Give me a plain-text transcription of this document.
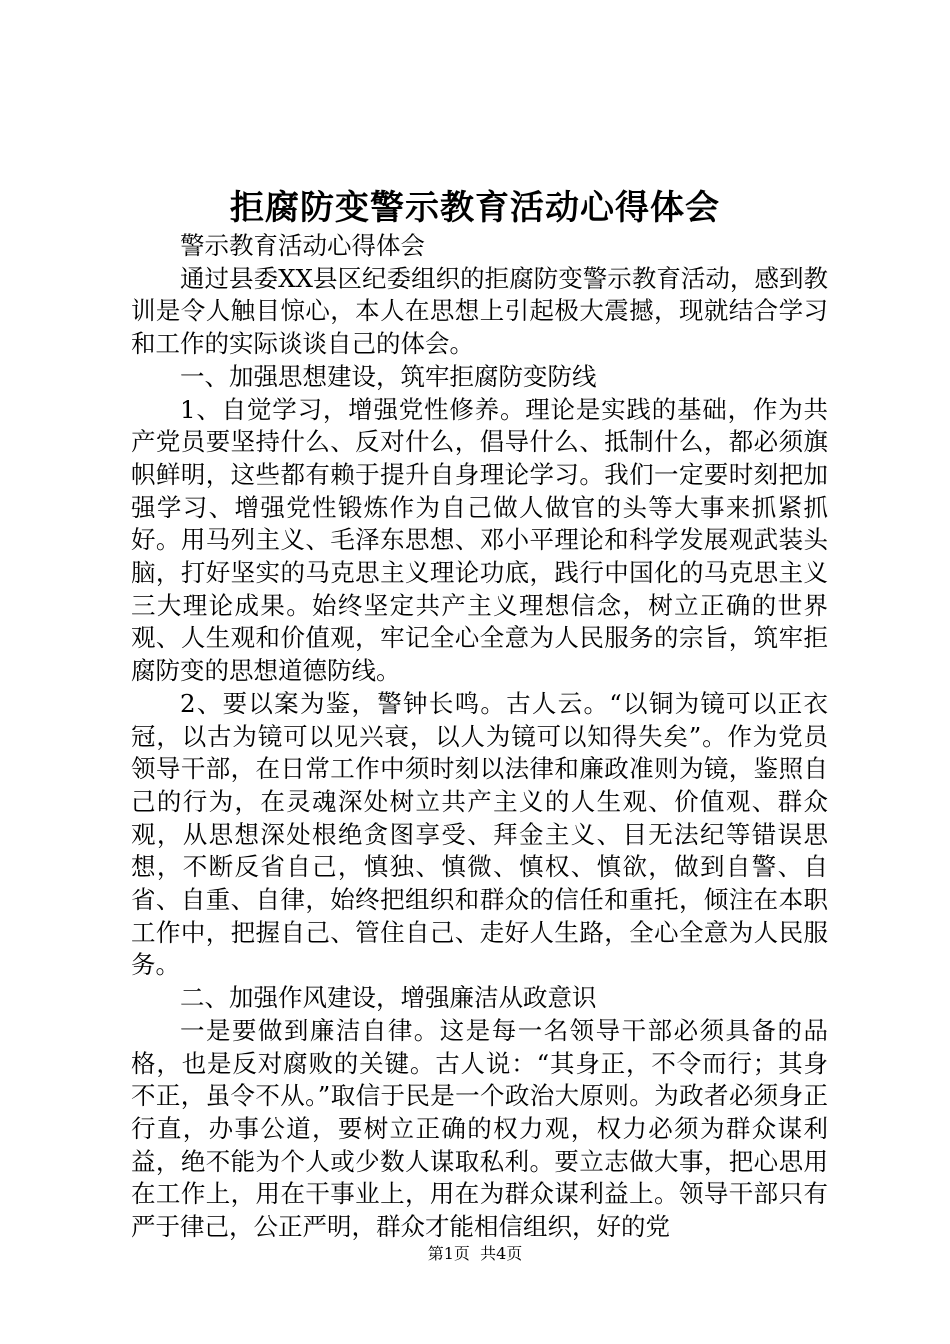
拒腐防变警示教育活动心得体会

警示教育活动心得体会

通过县委XX县区纪委组织的拒腐防变警示教育活动，感到教训是令人触目惊心，本人在思想上引起极大震撼，现就结合学习和工作的实际谈谈自己的体会。

一、加强思想建设，筑牢拒腐防变防线

1、自觉学习，增强党性修养。理论是实践的基础，作为共产党员要坚持什么、反对什么，倡导什么、抵制什么，都必须旗帜鲜明，这些都有赖于提升自身理论学习。我们一定要时刻把加强学习、增强党性锻炼作为自己做人做官的头等大事来抓紧抓好。用马列主义、毛泽东思想、邓小平理论和科学发展观武装头脑，打好坚实的马克思主义理论功底，践行中国化的马克思主义三大理论成果。始终坚定共产主义理想信念，树立正确的世界观、人生观和价值观，牢记全心全意为人民服务的宗旨，筑牢拒腐防变的思想道德防线。

2、要以案为鉴，警钟长鸣。古人云。“以铜为镜可以正衣冠，以古为镜可以见兴衰，以人为镜可以知得失矣”。作为党员领导干部，在日常工作中须时刻以法律和廉政准则为镜，鉴照自己的行为，在灵魂深处树立共产主义的人生观、价值观、群众观，从思想深处根绝贪图享受、拜金主义、目无法纪等错误思想，不断反省自己，慎独、慎微、慎权、慎欲，做到自警、自省、自重、自律，始终把组织和群众的信任和重托，倾注在本职工作中，把握自己、管住自己、走好人生路，全心全意为人民服务。

二、加强作风建设，增强廉洁从政意识

一是要做到廉洁自律。这是每一名领导干部必须具备的品格，也是反对腐败的关键。古人说：“其身正，不令而行；其身不正，虽令不从。”取信于民是一个政治大原则。为政者必须身正行直，办事公道，要树立正确的权力观，权力必须为群众谋利益，绝不能为个人或少数人谋取私利。要立志做大事，把心思用在工作上，用在干事业上，用在为群众谋利益上。领导干部只有严于律己，公正严明，群众才能相信组织，好的党

第1页 共4页
